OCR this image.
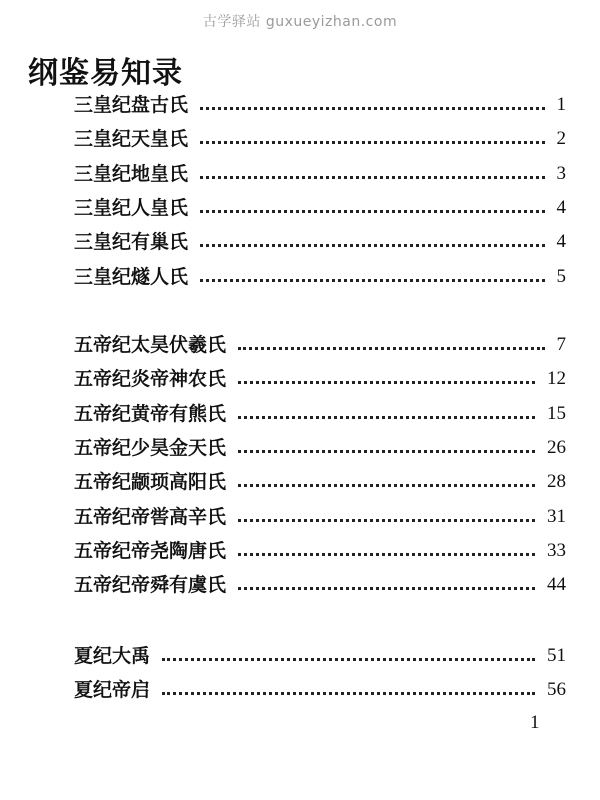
古学驿站 guxueyizhan.com
纲鉴易知录
三皇纪盘古氏	1
三皇纪天皇氏	2
三皇纪地皇氏	3
三皇纪人皇氏	4
三皇纪有巢氏	4
三皇纪燧人氏	5
五帝纪太昊伏羲氏	7
五帝纪炎帝神农氏	12
五帝纪黄帝有熊氏	15
五帝纪少昊金天氏	26
五帝纪颛顼高阳氏	28
五帝纪帝喾高辛氏	31
五帝纪帝尧陶唐氏	33
五帝纪帝舜有虞氏	44
夏纪大禹	51
夏纪帝启	56
1
